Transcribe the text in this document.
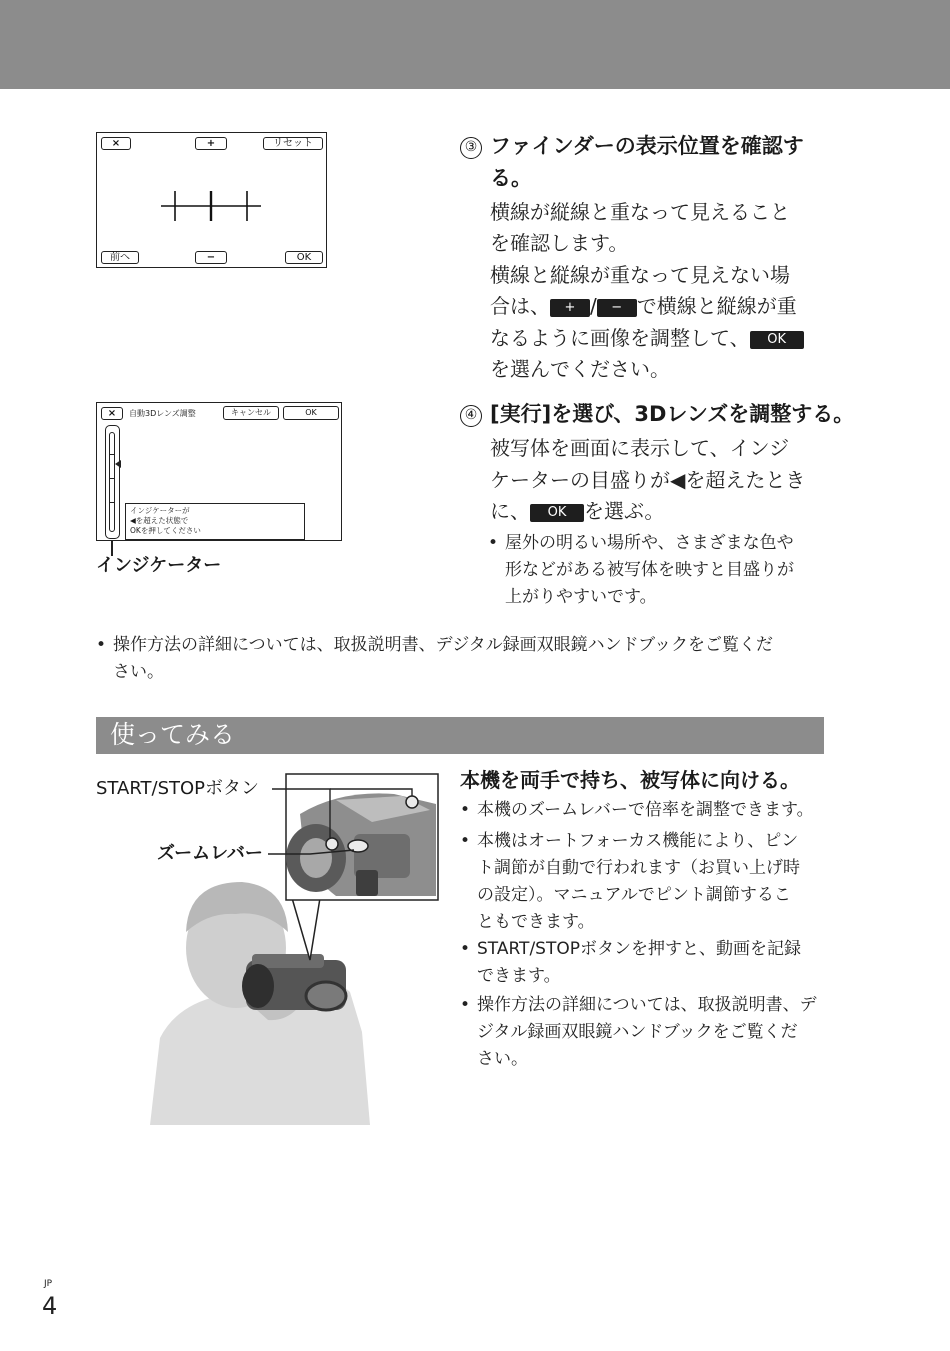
×	+	リセット
前へ	−	OK
③ ファインダーの表示位置を確認す
る。
横線が縦線と重なって見えること
を確認します。
横線と縦線が重なって見えない場
合は、 + / − で横線と縦線が重
なるように画像を調整して、 OK
を選んでください。
×	自動3Dレンズ調整	キャンセル	OK
インジケーターが
◀を超えた状態で
OKを押してください
インジケーター
④ [実行]を選び、3Dレンズを調整する。
被写体を画面に表示して、インジ
ケーターの目盛りが◀を超えたとき
に、 OK を選ぶ。
• 屋外の明るい場所や、さまざまな色や
形などがある被写体を映すと目盛りが
上がりやすいです。
• 操作方法の詳細については、取扱説明書、デジタル録画双眼鏡ハンドブックをご覧くだ
さい。
使ってみる
START/STOPボタン
ズームレバー
本機を両手で持ち、被写体に向ける。
• 本機のズームレバーで倍率を調整できます。
• 本機はオートフォーカス機能により、ピン
ト調節が自動で行われます（お買い上げ時
の設定）。マニュアルでピント調節するこ
ともできます。
• START/STOPボタンを押すと、動画を記録
できます。
• 操作方法の詳細については、取扱説明書、デ
ジタル録画双眼鏡ハンドブックをご覧くだ
さい。
JP
4
